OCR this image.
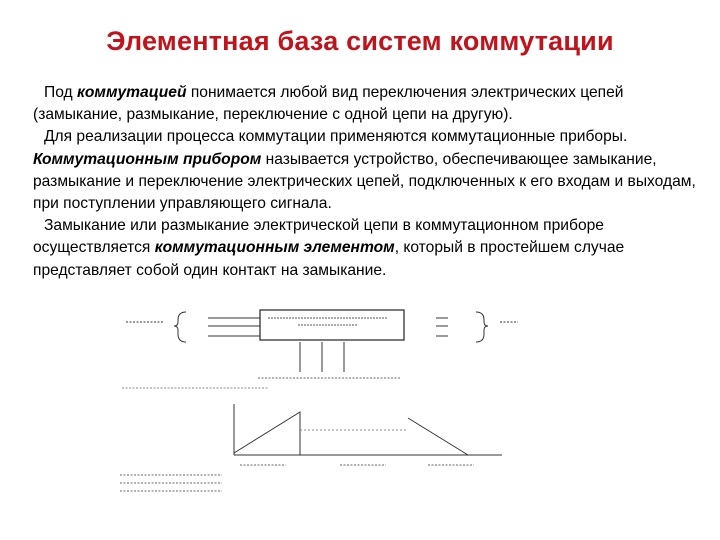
Элементная база систем коммутации

Под коммутацией понимается любой вид переключения электрических цепей (замыкание, размыкание, переключение с одной цепи на другую).

Для реализации процесса коммутации применяются коммутационные приборы. Коммутационным прибором называется устройство, обеспечивающее замыкание, размыкание и переключение электрических цепей, подключенных к его входам и выходам, при поступлении управляющего сигнала.

Замыкание или размыкание электрической цепи в коммутационном приборе осуществляется коммутационным элементом, который в простейшем случае представляет собой один контакт на замыкание.
